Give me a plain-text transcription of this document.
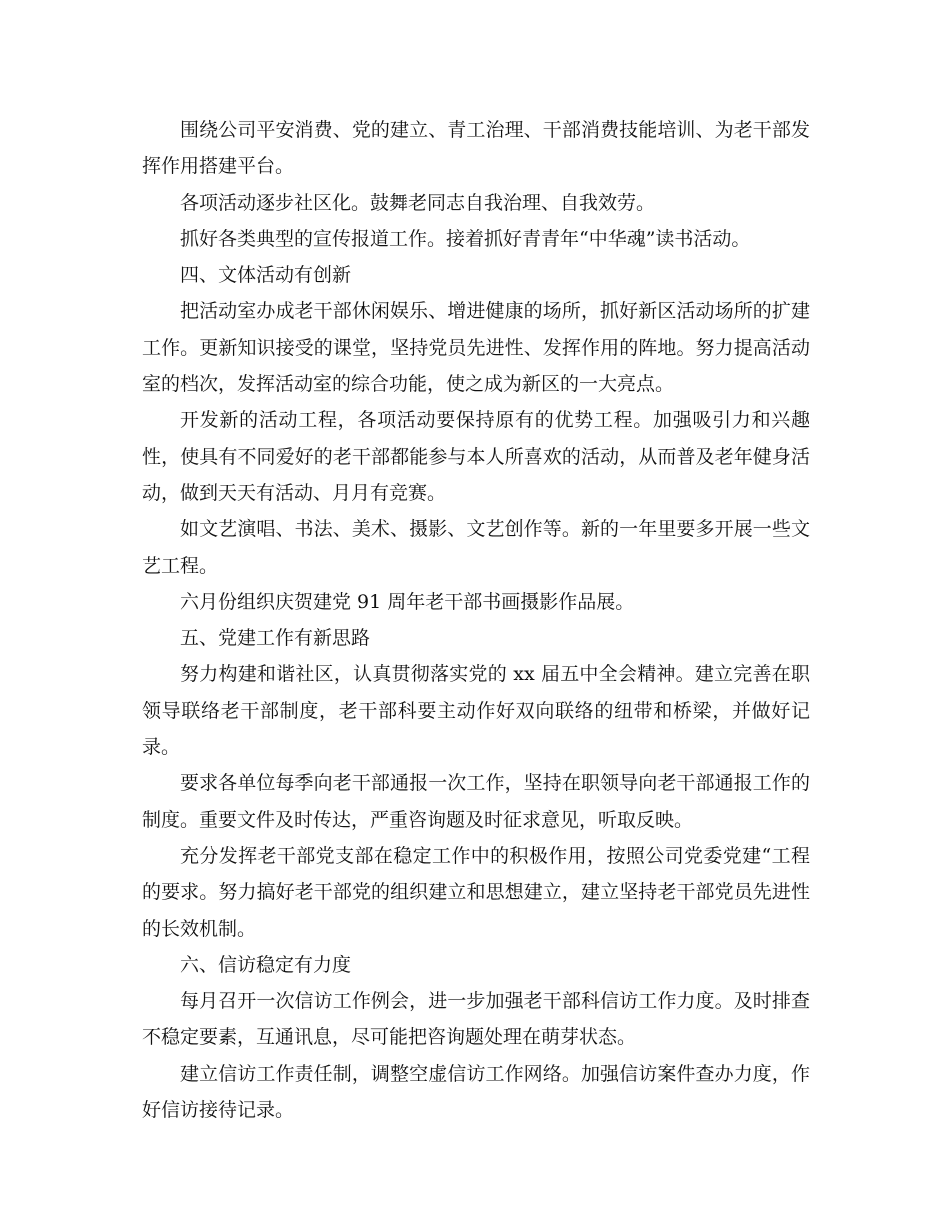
围绕公司平安消费、党的建立、青工治理、干部消费技能培训、为老干部发挥作用搭建平台。

各项活动逐步社区化。鼓舞老同志自我治理、自我效劳。

抓好各类典型的宣传报道工作。接着抓好青青年“中华魂”读书活动。

四、文体活动有创新

把活动室办成老干部休闲娱乐、增进健康的场所，抓好新区活动场所的扩建工作。更新知识接受的课堂，坚持党员先进性、发挥作用的阵地。努力提高活动室的档次，发挥活动室的综合功能，使之成为新区的一大亮点。

开发新的活动工程，各项活动要保持原有的优势工程。加强吸引力和兴趣性，使具有不同爱好的老干部都能参与本人所喜欢的活动，从而普及老年健身活动，做到天天有活动、月月有竞赛。

如文艺演唱、书法、美术、摄影、文艺创作等。新的一年里要多开展一些文艺工程。

六月份组织庆贺建党 91 周年老干部书画摄影作品展。

五、党建工作有新思路

努力构建和谐社区，认真贯彻落实党的 xx 届五中全会精神。建立完善在职领导联络老干部制度，老干部科要主动作好双向联络的纽带和桥梁，并做好记录。

要求各单位每季向老干部通报一次工作，坚持在职领导向老干部通报工作的制度。重要文件及时传达，严重咨询题及时征求意见，听取反映。

充分发挥老干部党支部在稳定工作中的积极作用，按照公司党委党建“工程的要求。努力搞好老干部党的组织建立和思想建立，建立坚持老干部党员先进性的长效机制。

六、信访稳定有力度

每月召开一次信访工作例会，进一步加强老干部科信访工作力度。及时排查不稳定要素，互通讯息，尽可能把咨询题处理在萌芽状态。

建立信访工作责任制，调整空虚信访工作网络。加强信访案件查办力度，作好信访接待记录。
